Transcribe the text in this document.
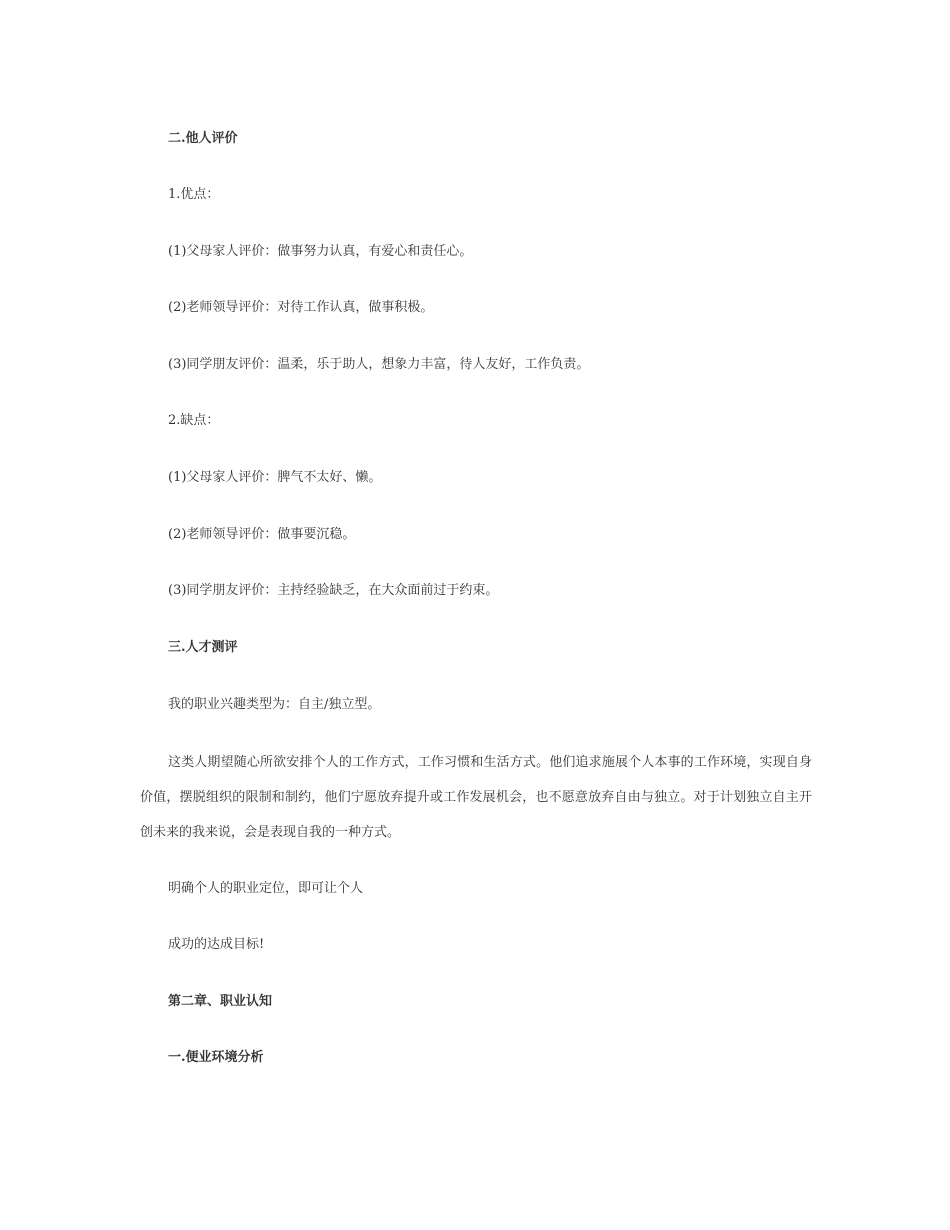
二.他人评价
1.优点：
(1)父母家人评价：做事努力认真，有爱心和责任心。
(2)老师领导评价：对待工作认真，做事积极。
(3)同学朋友评价：温柔，乐于助人，想象力丰富，待人友好，工作负责。
2.缺点：
(1)父母家人评价：脾气不太好、懒。
(2)老师领导评价：做事要沉稳。
(3)同学朋友评价：主持经验缺乏，在大众面前过于约束。
三.人才测评
我的职业兴趣类型为：自主/独立型。
这类人期望随心所欲安排个人的工作方式，工作习惯和生活方式。他们追求施展个人本事的工作环境，实现自身价值，摆脱组织的限制和制约，他们宁愿放弃提升或工作发展机会，也不愿意放弃自由与独立。对于计划独立自主开创未来的我来说，会是表现自我的一种方式。
明确个人的职业定位，即可让个人
成功的达成目标!
第二章、职业认知
一.便业环境分析
